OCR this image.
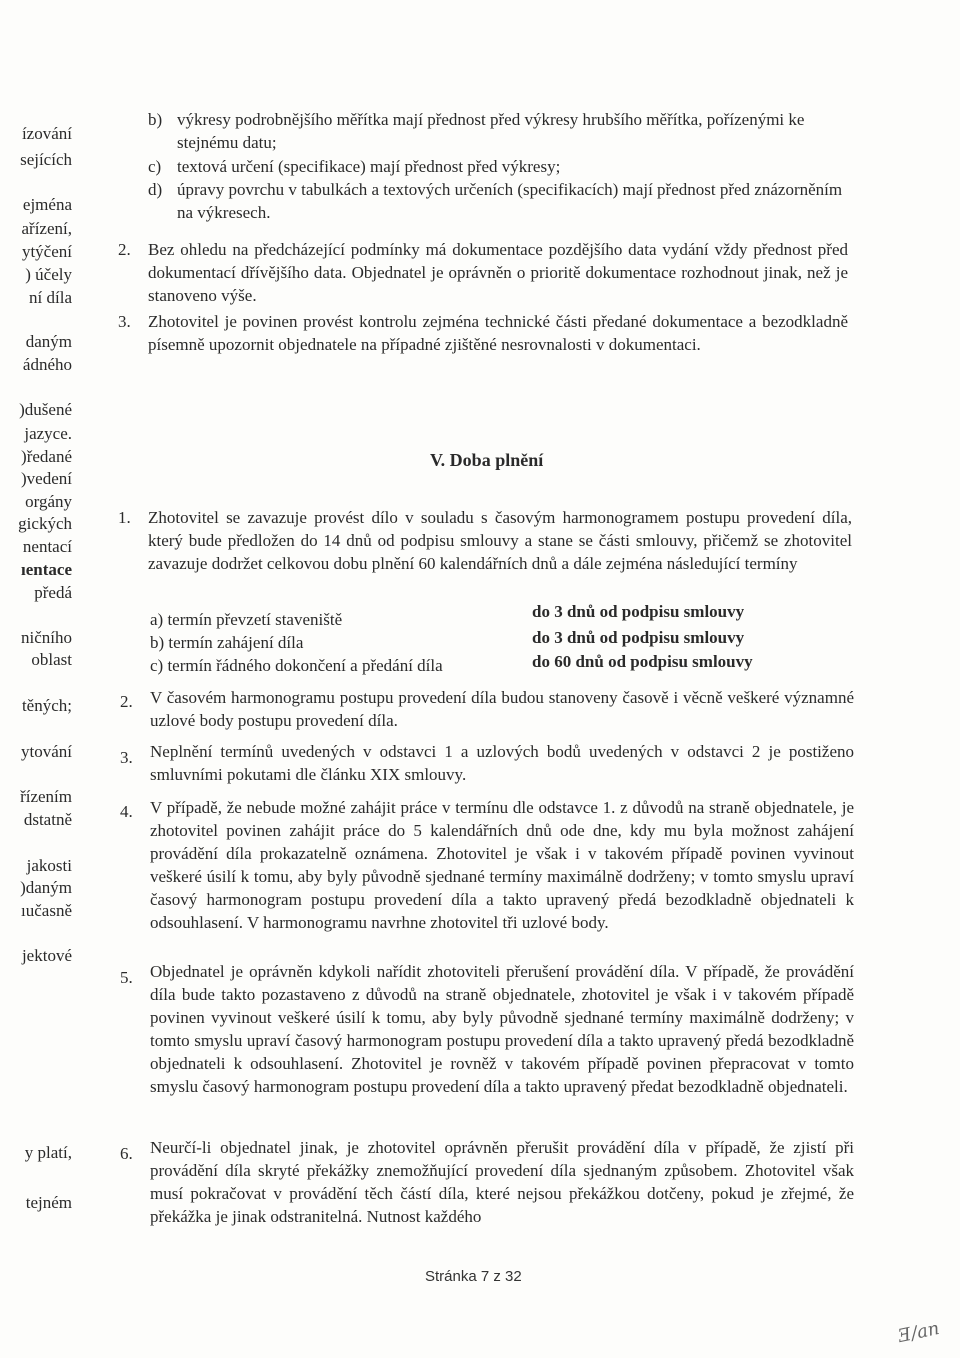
ízování
sejících
ejména
ařízení,
ytýčení
) účely
ní díla
daným
ádného
)dušené
jazyce.
)ředané
)vedení
orgány
gických
nentací
ıentace
předá
ničního
oblast
těných;
ytování
řízením
dstatně
jakosti
)daným
ıučasně
jektové
y platí,
tejném
b) výkresy podrobnějšího měřítka mají přednost před výkresy hrubšího měřítka, pořízenými ke stejnému datu;
c) textová určení (specifikace) mají přednost před výkresy;
d) úpravy povrchu v tabulkách a textových určeních (specifikacích) mají přednost před znázorněním na výkresech.
2. Bez ohledu na předcházející podmínky má dokumentace pozdějšího data vydání vždy přednost před dokumentací dřívějšího data. Objednatel je oprávněn o prioritě dokumentace rozhodnout jinak, než je stanoveno výše.
3. Zhotovitel je povinen provést kontrolu zejména technické části předané dokumentace a bezodkladně písemně upozornit objednatele na případné zjištěné nesrovnalosti v dokumentaci.
V. Doba plnění
1. Zhotovitel se zavazuje provést dílo v souladu s časovým harmonogramem postupu provedení díla, který bude předložen do 14 dnů od podpisu smlouvy a stane se části smlouvy, přičemž se zhotovitel zavazuje dodržet celkovou dobu plnění 60 kalendářních dnů a dále zejména následující termíny
a) termín převzetí staveniště	do 3 dnů od podpisu smlouvy
b) termín zahájení díla	do 3 dnů od podpisu smlouvy
c) termín řádného dokončení a předání díla	do 60 dnů od podpisu smlouvy
2. V časovém harmonogramu postupu provedení díla budou stanoveny časově i věcně veškeré významné uzlové body postupu provedení díla.
3. Neplnění termínů uvedených v odstavci 1 a uzlových bodů uvedených v odstavci 2 je postiženo smluvními pokutami dle článku XIX smlouvy.
4. V případě, že nebude možné zahájit práce v termínu dle odstavce 1. z důvodů na straně objednatele, je zhotovitel povinen zahájit práce do 5 kalendářních dnů ode dne, kdy mu byla možnost zahájení provádění díla prokazatelně oznámena. Zhotovitel je však i v takovém případě povinen vyvinout veškeré úsilí k tomu, aby byly původně sjednané termíny maximálně dodrženy; v tomto smyslu upraví časový harmonogram postupu provedení díla a takto upravený předá bezodkladně objednateli k odsouhlasení. V harmonogramu navrhne zhotovitel tři uzlové body.
5. Objednatel je oprávněn kdykoli nařídit zhotoviteli přerušení provádění díla. V případě, že provádění díla bude takto pozastaveno z důvodů na straně objednatele, zhotovitel je však i v takovém případě povinen vyvinout veškeré úsilí k tomu, aby byly původně sjednané termíny maximálně dodrženy; v tomto smyslu upraví časový harmonogram postupu provedení díla a takto upravený předá bezodkladně objednateli k odsouhlasení. Zhotovitel je rovněž v takovém případě povinen přepracovat v tomto smyslu časový harmonogram postupu provedení díla a takto upravený předat bezodkladně objednateli.
6. Neurčí-li objednatel jinak, je zhotovitel oprávněn přerušit provádění díla v případě, že zjistí při provádění díla skryté překážky znemožňující provedení díla sjednaným způsobem. Zhotovitel však musí pokračovat v provádění těch částí díla, které nejsou překážkou dotčeny, pokud je zřejmé, že překážka je jinak odstranitelná. Nutnost každého
Stránka 7 z 32
Ǝ/an
